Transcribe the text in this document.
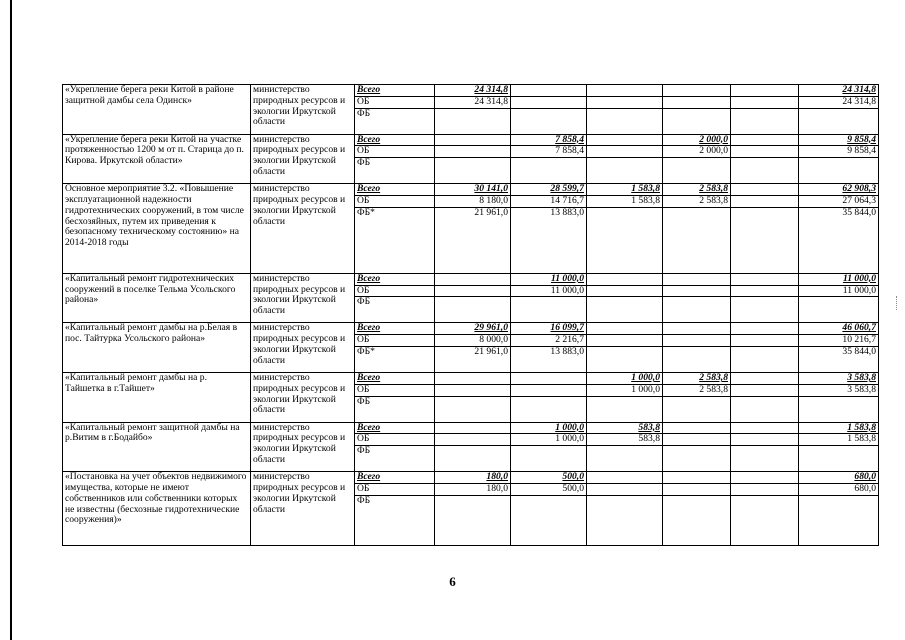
«Укрепление берега реки Китой в районе защитной дамбы села Одинск»	министерство природных ресурсов и экологии Иркутской области	Всего	24 314,8					24 314,8
		ОБ	24 314,8					24 314,8
		ФБ						
«Укрепление берега реки Китой на участке протяженностью 1200 м от п. Старица до п. Кирова. Иркутской области»	министерство природных ресурсов и экологии Иркутской области	Всего		7 858,4		2 000,0		9 858,4
		ОБ		7 858,4		2 000,0		9 858,4
		ФБ						
Основное мероприятие 3.2. «Повышение эксплуатационной надежности гидротехнических сооружений, в том числе бесхозяйных, путем их приведения к безопасному техническому состоянию» на 2014-2018 годы	министерство природных ресурсов и экологии Иркутской области	Всего	30 141,0	28 599,7	1 583,8	2 583,8		62 908,3
		ОБ	8 180,0	14 716,7	1 583,8	2 583,8		27 064,3
		ФБ*	21 961,0	13 883,0				35 844,0
«Капитальный ремонт гидротехнических сооружений в поселке Тельма Усольского района»	министерство природных ресурсов и экологии Иркутской области	Всего		11 000,0				11 000,0
		ОБ		11 000,0				11 000,0
		ФБ						
«Капитальный ремонт дамбы на р.Белая в пос. Тайтурка Усольского района»	министерство природных ресурсов и экологии Иркутской области	Всего	29 961,0	16 099,7				46 060,7
		ОБ	8 000,0	2 216,7				10 216,7
		ФБ*	21 961,0	13 883,0				35 844,0
«Капитальный ремонт дамбы на р. Тайшетка в г.Тайшет»	министерство природных ресурсов и экологии Иркутской области	Всего			1 000,0	2 583,8		3 583,8
		ОБ			1 000,0	2 583,8		3 583,8
		ФБ						
«Капитальный ремонт защитной дамбы на р.Витим в г.Бодайбо»	министерство природных ресурсов и экологии Иркутской области	Всего		1 000,0	583,8			1 583,8
		ОБ		1 000,0	583,8			1 583,8
		ФБ						
«Постановка на учет объектов недвижимого имущества, которые не имеют собственников или собственники которых не известны (бесхозные гидротехнические сооружения)»	министерство природных ресурсов и экологии Иркутской области	Всего	180,0	500,0				680,0
		ОБ	180,0	500,0				680,0
		ФБ						
6
